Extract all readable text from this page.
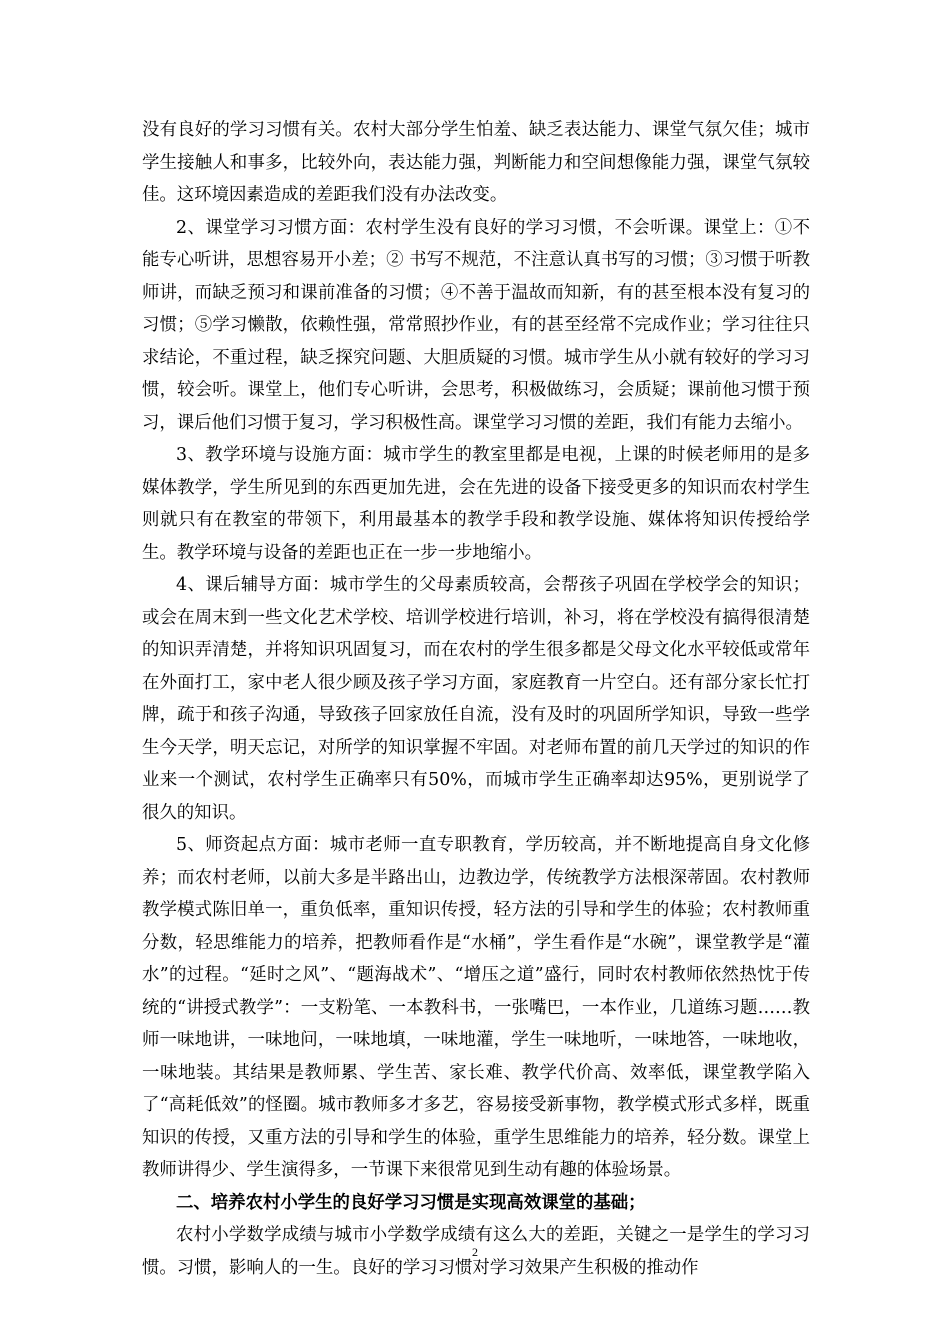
没有良好的学习习惯有关。农村大部分学生怕羞、缺乏表达能力、课堂气氛欠佳；城市学生接触人和事多，比较外向，表达能力强，判断能力和空间想像能力强，课堂气氛较佳。这环境因素造成的差距我们没有办法改变。

2、课堂学习习惯方面：农村学生没有良好的学习习惯，不会听课。课堂上：①不能专心听讲，思想容易开小差；② 书写不规范，不注意认真书写的习惯；③习惯于听教师讲，而缺乏预习和课前准备的习惯；④不善于温故而知新，有的甚至根本没有复习的习惯；⑤学习懒散，依赖性强，常常照抄作业，有的甚至经常不完成作业；学习往往只求结论，不重过程，缺乏探究问题、大胆质疑的习惯。城市学生从小就有较好的学习习惯，较会听。课堂上，他们专心听讲，会思考，积极做练习，会质疑；课前他习惯于预习，课后他们习惯于复习，学习积极性高。课堂学习习惯的差距，我们有能力去缩小。

3、教学环境与设施方面：城市学生的教室里都是电视，上课的时候老师用的是多媒体教学，学生所见到的东西更加先进，会在先进的设备下接受更多的知识而农村学生则就只有在教室的带领下，利用最基本的教学手段和教学设施、媒体将知识传授给学生。教学环境与设备的差距也正在一步一步地缩小。

4、课后辅导方面：城市学生的父母素质较高，会帮孩子巩固在学校学会的知识；或会在周末到一些文化艺术学校、培训学校进行培训，补习，将在学校没有搞得很清楚的知识弄清楚，并将知识巩固复习，而在农村的学生很多都是父母文化水平较低或常年在外面打工，家中老人很少顾及孩子学习方面，家庭教育一片空白。还有部分家长忙打牌，疏于和孩子沟通，导致孩子回家放任自流，没有及时的巩固所学知识，导致一些学生今天学，明天忘记，对所学的知识掌握不牢固。对老师布置的前几天学过的知识的作业来一个测试，农村学生正确率只有50%，而城市学生正确率却达95%，更别说学了很久的知识。

5、师资起点方面：城市老师一直专职教育，学历较高，并不断地提高自身文化修养；而农村老师，以前大多是半路出山，边教边学，传统教学方法根深蒂固。农村教师教学模式陈旧单一，重负低率，重知识传授，轻方法的引导和学生的体验；农村教师重分数，轻思维能力的培养，把教师看作是“水桶”，学生看作是“水碗”，课堂教学是“灌水”的过程。“延时之风”、“题海战术”、“增压之道”盛行，同时农村教师依然热忱于传统的“讲授式教学”：一支粉笔、一本教科书，一张嘴巴，一本作业，几道练习题……教师一味地讲，一味地问，一味地填，一味地灌，学生一味地听，一味地答，一味地收，一味地装。其结果是教师累、学生苦、家长难、教学代价高、效率低，课堂教学陷入了“高耗低效”的怪圈。城市教师多才多艺，容易接受新事物，教学模式形式多样，既重知识的传授，又重方法的引导和学生的体验，重学生思维能力的培养，轻分数。课堂上教师讲得少、学生演得多，一节课下来很常见到生动有趣的体验场景。

二、培养农村小学生的良好学习习惯是实现高效课堂的基础；

农村小学数学成绩与城市小学数学成绩有这么大的差距，关键之一是学生的学习习惯。习惯，影响人的一生。良好的学习习惯对学习效果产生积极的推动作

2
